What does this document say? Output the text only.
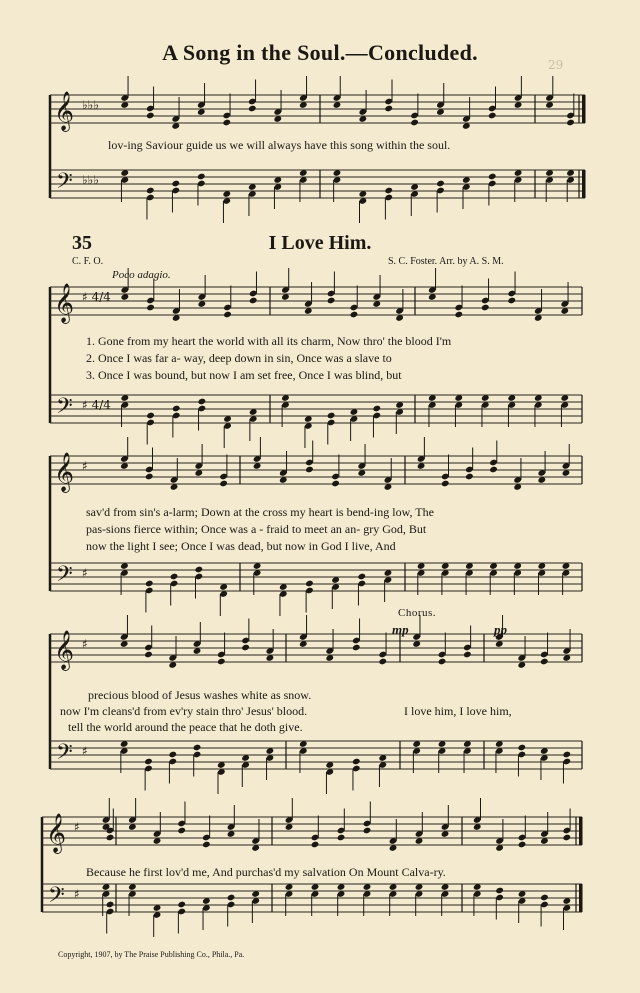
𝄞
𝄢
♭♭♭
♭♭♭
𝄞
𝄢
♯ 4/4
♯ 4/4
𝄞
𝄢
♯
♯
𝄞
𝄢
♯
♯
𝄞
𝄢
♯
♯
A Song in the Soul.—Concluded.	29
lov-ing Saviour guide us we will always have this song within the soul.
35	I Love Him.
C. F. O.	S. C. Foster. Arr. by A. S. M.
Poco adagio.
1. Gone from my heart the world with all its charm, Now thro' the blood I'm
2. Once I was far a- way, deep down in sin, Once was a slave to
3. Once I was bound, but now I am set free, Once I was blind, but
sav'd from sin's a-larm; Down at the cross my heart is bend-ing low, The
pas-sions fierce within; Once was a - fraid to meet an an- gry God, But
now the light I see; Once I was dead, but now in God I live, And
Chorus.
mp	pp
precious blood of Jesus washes white as snow.
now I'm cleans'd from ev'ry stain thro' Jesus' blood.
tell the world around the peace that he doth give.
I love him, I love him,
Because he first lov'd me, And purchas'd my salvation On Mount Calva-ry.
Copyright, 1907, by The Praise Publishing Co., Phila., Pa.
